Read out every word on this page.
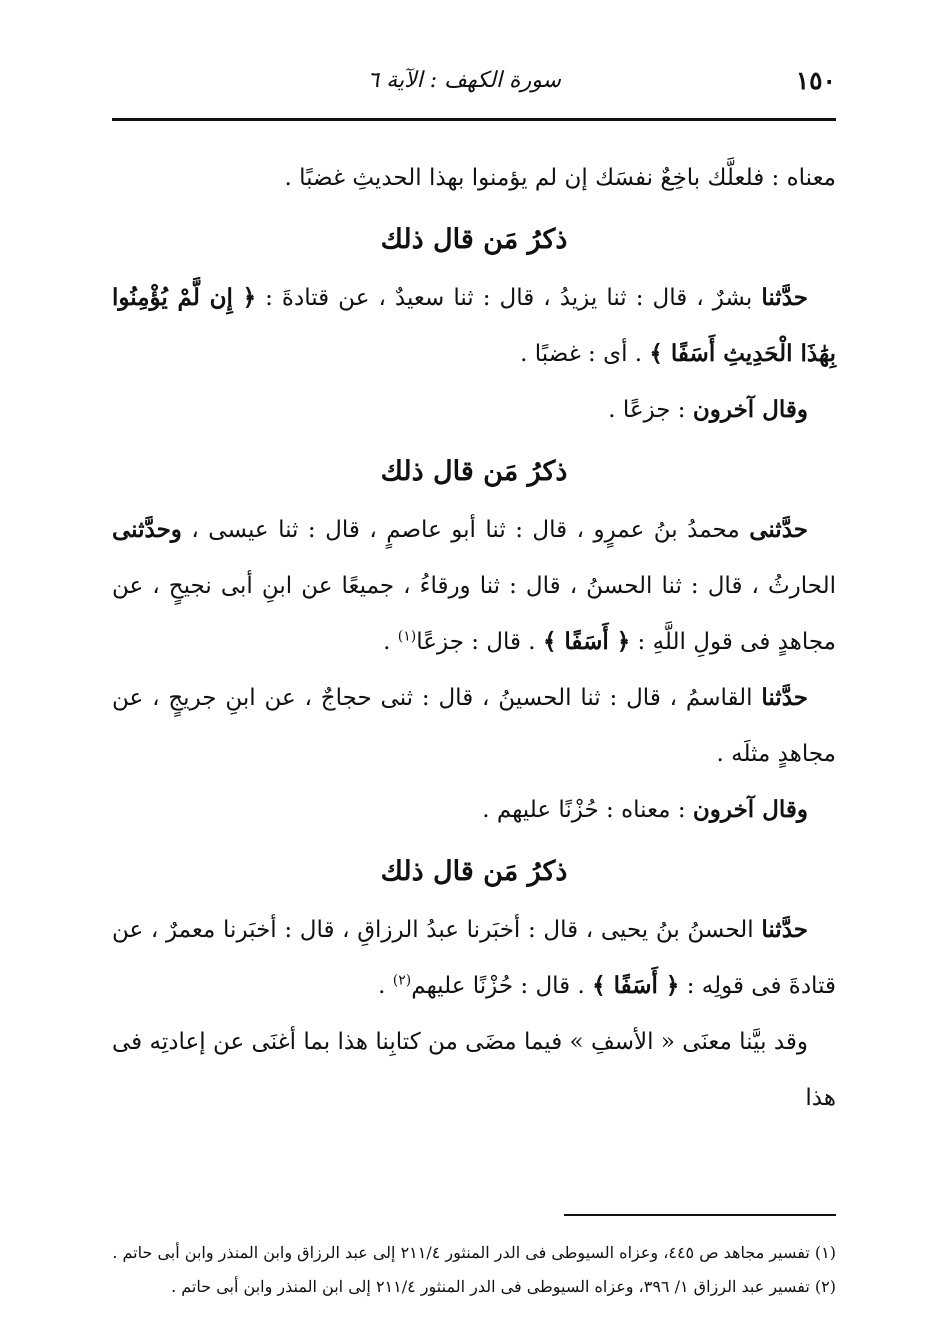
١٥٠
سورة الكهف : الآية ٦

معناه : فلعلَّك باخِعٌ نفسَك إن لم يؤمنوا بهذا الحديثِ غضبًا .

ذكرُ مَن قال ذلك

حدَّثنا بشرٌ ، قال : ثنا يزيدُ ، قال : ثنا سعيدٌ ، عن قتادةَ : ﴿ إِن لَّمْ يُؤْمِنُوا بِهَٰذَا الْحَدِيثِ أَسَفًا ﴾ . أى : غضبًا .

وقال آخرون : جزعًا .

ذكرُ مَن قال ذلك

حدَّثنى محمدُ بنُ عمرٍو ، قال : ثنا أبو عاصمٍ ، قال : ثنا عيسى ، وحدَّثنى الحارثُ ، قال : ثنا الحسنُ ، قال : ثنا ورقاءُ ، جميعًا عن ابنِ أبى نجيحٍ ، عن مجاهدٍ فى قولِ اللَّهِ : ﴿ أَسَفًا ﴾ . قال : جزعًا$^{(١)}$ .

حدَّثنا القاسمُ ، قال : ثنا الحسينُ ، قال : ثنى حجاجٌ ، عن ابنِ جريجٍ ، عن مجاهدٍ مثلَه .

وقال آخرون : معناه : حُزْنًا عليهم .

ذكرُ مَن قال ذلك

حدَّثنا الحسنُ بنُ يحيى ، قال : أخبَرنا عبدُ الرزاقِ ، قال : أخبَرنا معمرٌ ، عن قتادةَ فى قولِه : ﴿ أَسَفًا ﴾ . قال : حُزْنًا عليهم$^{(٢)}$ .

وقد بيَّنا معنَى « الأسفِ » فيما مضَى من كتابِنا هذا بما أغنَى عن إعادتِه فى هذا

(١) تفسير مجاهد ص ٤٤٥، وعزاه السيوطى فى الدر المنثور ٢١١/٤ إلى عبد الرزاق وابن المنذر وابن أبى حاتم .

(٢) تفسير عبد الرزاق ١/ ٣٩٦، وعزاه السيوطى فى الدر المنثور ٢١١/٤ إلى ابن المنذر وابن أبى حاتم .
